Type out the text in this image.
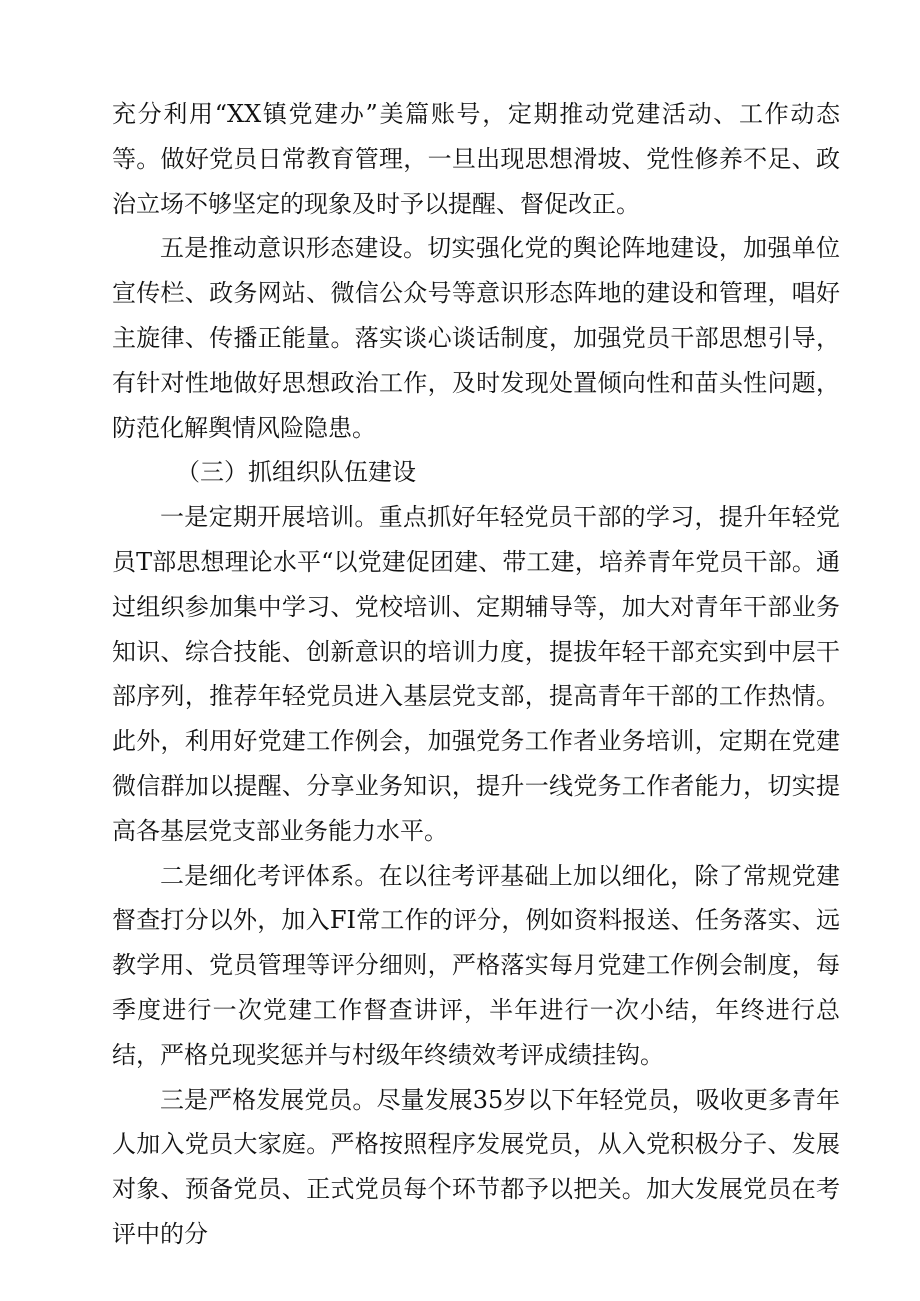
充分利用“XX镇党建办”美篇账号，定期推动党建活动、工作动态等。做好党员日常教育管理，一旦出现思想滑坡、党性修养不足、政治立场不够坚定的现象及时予以提醒、督促改正。

五是推动意识形态建设。切实强化党的舆论阵地建设，加强单位宣传栏、政务网站、微信公众号等意识形态阵地的建设和管理，唱好主旋律、传播正能量。落实谈心谈话制度，加强党员干部思想引导，有针对性地做好思想政治工作，及时发现处置倾向性和苗头性问题，防范化解舆情风险隐患。

（三）抓组织队伍建设

一是定期开展培训。重点抓好年轻党员干部的学习，提升年轻党员T部思想理论水平“以党建促团建、带工建，培养青年党员干部。通过组织参加集中学习、党校培训、定期辅导等，加大对青年干部业务知识、综合技能、创新意识的培训力度，提拔年轻干部充实到中层干部序列，推荐年轻党员进入基层党支部，提高青年干部的工作热情。此外，利用好党建工作例会，加强党务工作者业务培训，定期在党建微信群加以提醒、分享业务知识，提升一线党务工作者能力，切实提高各基层党支部业务能力水平。

二是细化考评体系。在以往考评基础上加以细化，除了常规党建督查打分以外，加入FI常工作的评分，例如资料报送、任务落实、远教学用、党员管理等评分细则，严格落实每月党建工作例会制度，每季度进行一次党建工作督查讲评，半年进行一次小结，年终进行总结，严格兑现奖惩并与村级年终绩效考评成绩挂钩。

三是严格发展党员。尽量发展35岁以下年轻党员，吸收更多青年人加入党员大家庭。严格按照程序发展党员，从入党积极分子、发展对象、预备党员、正式党员每个环节都予以把关。加大发展党员在考评中的分
